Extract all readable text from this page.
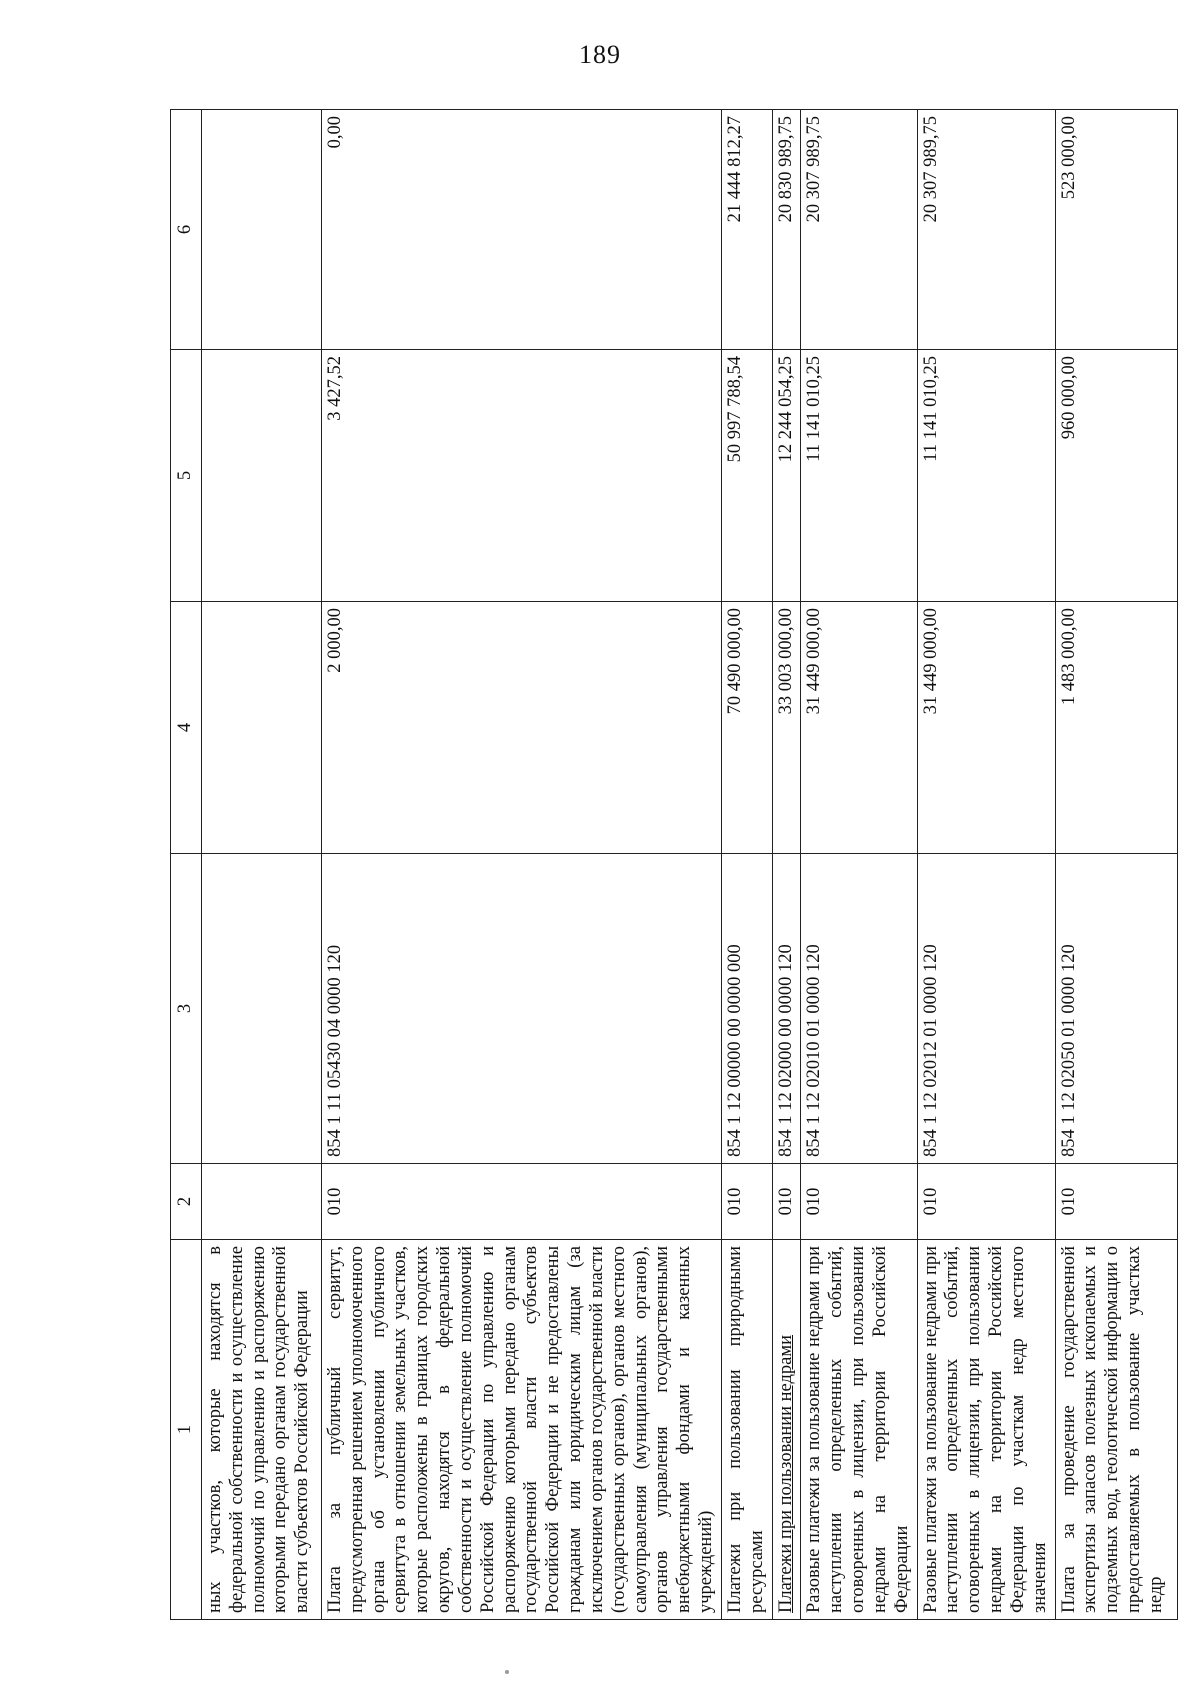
189
1	2	3	4	5	6
ных участков, которые находятся в федеральной собственности и осуществление полномочий по управлению и распоряжению которыми передано органам государственной власти субъектов Российской Федерации					
Плата за публичный сервитут, предусмотренная решением уполномоченного органа об установлении публичного сервитута в отношении земельных участков, которые расположены в границах городских округов, находятся в федеральной собственности и осуществление полномочий Российской Федерации по управлению и распоряжению которыми передано органам государственной власти субъектов Российской Федерации и не предоставлены гражданам или юридическим лицам (за исключением органов государственной власти (государственных органов), органов местного самоуправления (муниципальных органов), органов управления государственными внебюджетными фондами и казенных учреждений)	010	854 1 11 05430 04 0000 120	2 000,00	3 427,52	0,00
Платежи при пользовании природными ресурсами	010	854 1 12 00000 00 0000 000	70 490 000,00	50 997 788,54	21 444 812,27
Платежи при пользовании недрами	010	854 1 12 02000 00 0000 120	33 003 000,00	12 244 054,25	20 830 989,75
Разовые платежи за пользование недрами при наступлении определенных событий, оговоренных в лицензии, при пользовании недрами на территории Российской Федерации	010	854 1 12 02010 01 0000 120	31 449 000,00	11 141 010,25	20 307 989,75
Разовые платежи за пользование недрами при наступлении определенных событий, оговоренных в лицензии, при пользовании недрами на территории Российской Федерации по участкам недр местного значения	010	854 1 12 02012 01 0000 120	31 449 000,00	11 141 010,25	20 307 989,75
Плата за проведение государственной экспертизы запасов полезных ископаемых и подземных вод, геологической информации о предоставляемых в пользование участках недр	010	854 1 12 02050 01 0000 120	1 483 000,00	960 000,00	523 000,00
